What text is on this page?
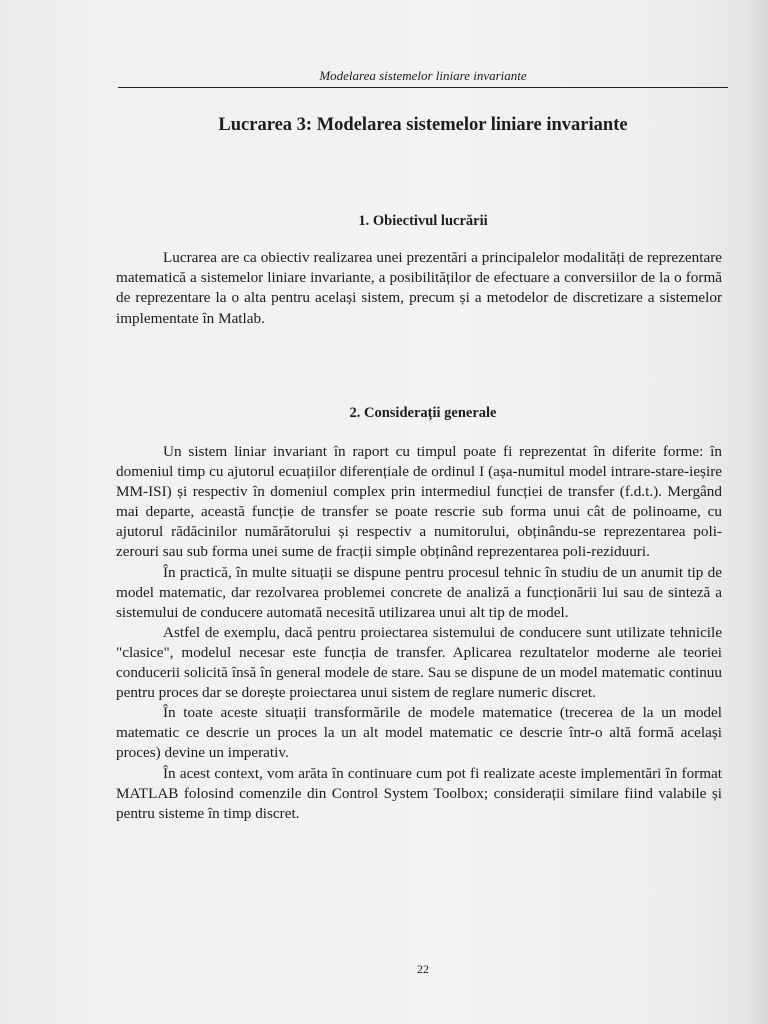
Modelarea sistemelor liniare invariante
Lucrarea 3: Modelarea sistemelor liniare invariante
1. Obiectivul lucrării

Lucrarea are ca obiectiv realizarea unei prezentări a principalelor modalități de reprezentare matematică a sistemelor liniare invariante, a posibilităților de efectuare a conversiilor de la o formă de reprezentare la o alta pentru același sistem, precum și a metodelor de discretizare a sistemelor implementate în Matlab.

2. Considerații generale

Un sistem liniar invariant în raport cu timpul poate fi reprezentat în diferite forme: în domeniul timp cu ajutorul ecuațiilor diferențiale de ordinul I (așa-numitul model intrare-stare-ieșire MM-ISI) și respectiv în domeniul complex prin intermediul funcției de transfer (f.d.t.). Mergând mai departe, această funcție de transfer se poate rescrie sub forma unui cât de polinoame, cu ajutorul rădăcinilor numărătorului și respectiv a numitorului, obținându-se reprezentarea poli-zerouri sau sub forma unei sume de fracții simple obținând reprezentarea poli-reziduuri.

În practică, în multe situații se dispune pentru procesul tehnic în studiu de un anumit tip de model matematic, dar rezolvarea problemei concrete de analiză a funcționării lui sau de sinteză a sistemului de conducere automată necesită utilizarea unui alt tip de model.

Astfel de exemplu, dacă pentru proiectarea sistemului de conducere sunt utilizate tehnicile "clasice", modelul necesar este funcția de transfer. Aplicarea rezultatelor moderne ale teoriei conducerii solicită însă în general modele de stare. Sau se dispune de un model matematic continuu pentru proces dar se dorește proiectarea unui sistem de reglare numeric discret.

În toate aceste situații transformările de modele matematice (trecerea de la un model matematic ce descrie un proces la un alt model matematic ce descrie într-o altă formă același proces) devine un imperativ.

În acest context, vom arăta în continuare cum pot fi realizate aceste implementări în format MATLAB folosind comenzile din Control System Toolbox; considerații similare fiind valabile și pentru sisteme în timp discret.

22
